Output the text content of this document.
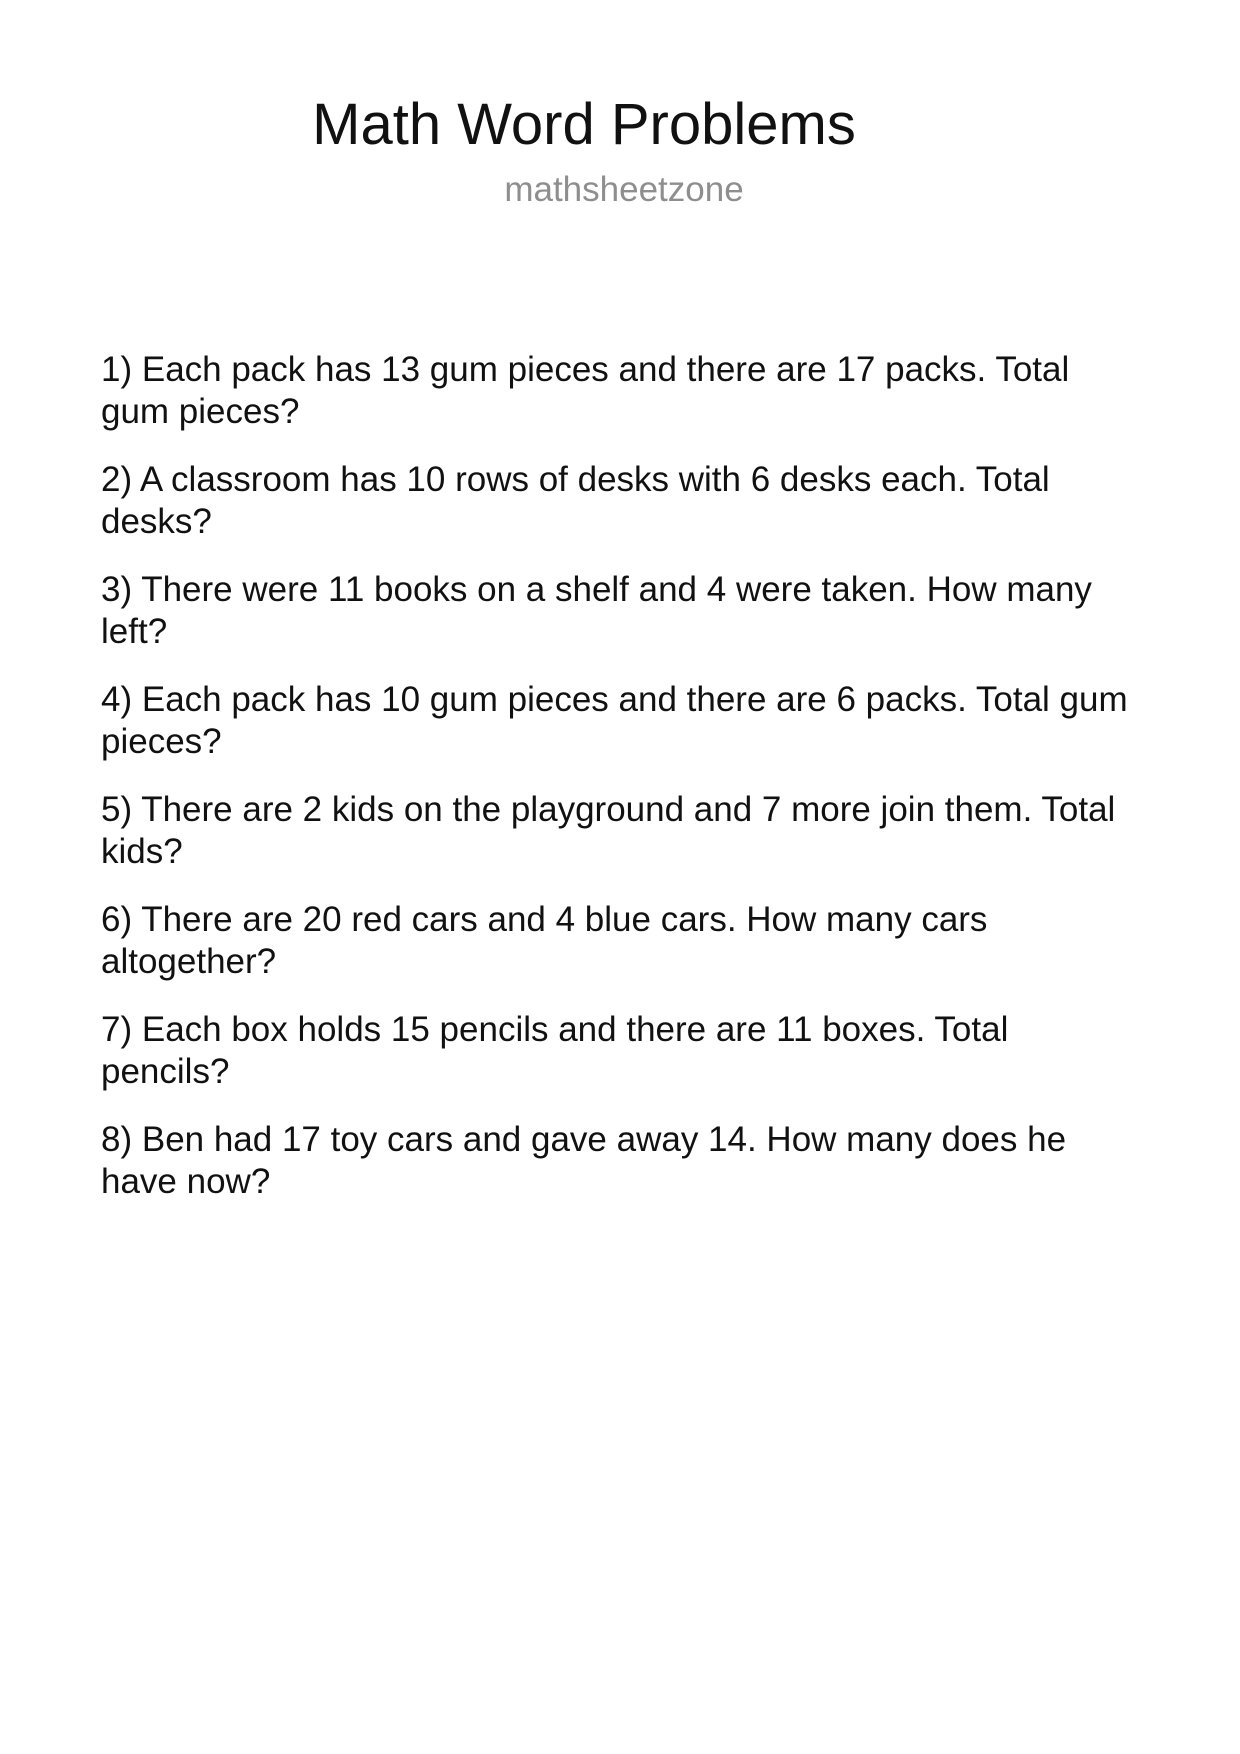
Math Word Problems
mathsheetzone

1) Each pack has 13 gum pieces and there are 17 packs. Total gum pieces?

2) A classroom has 10 rows of desks with 6 desks each. Total desks?

3) There were 11 books on a shelf and 4 were taken. How many left?

4) Each pack has 10 gum pieces and there are 6 packs. Total gum pieces?

5) There are 2 kids on the playground and 7 more join them. Total kids?

6) There are 20 red cars and 4 blue cars. How many cars altogether?

7) Each box holds 15 pencils and there are 11 boxes. Total pencils?

8) Ben had 17 toy cars and gave away 14. How many does he have now?
